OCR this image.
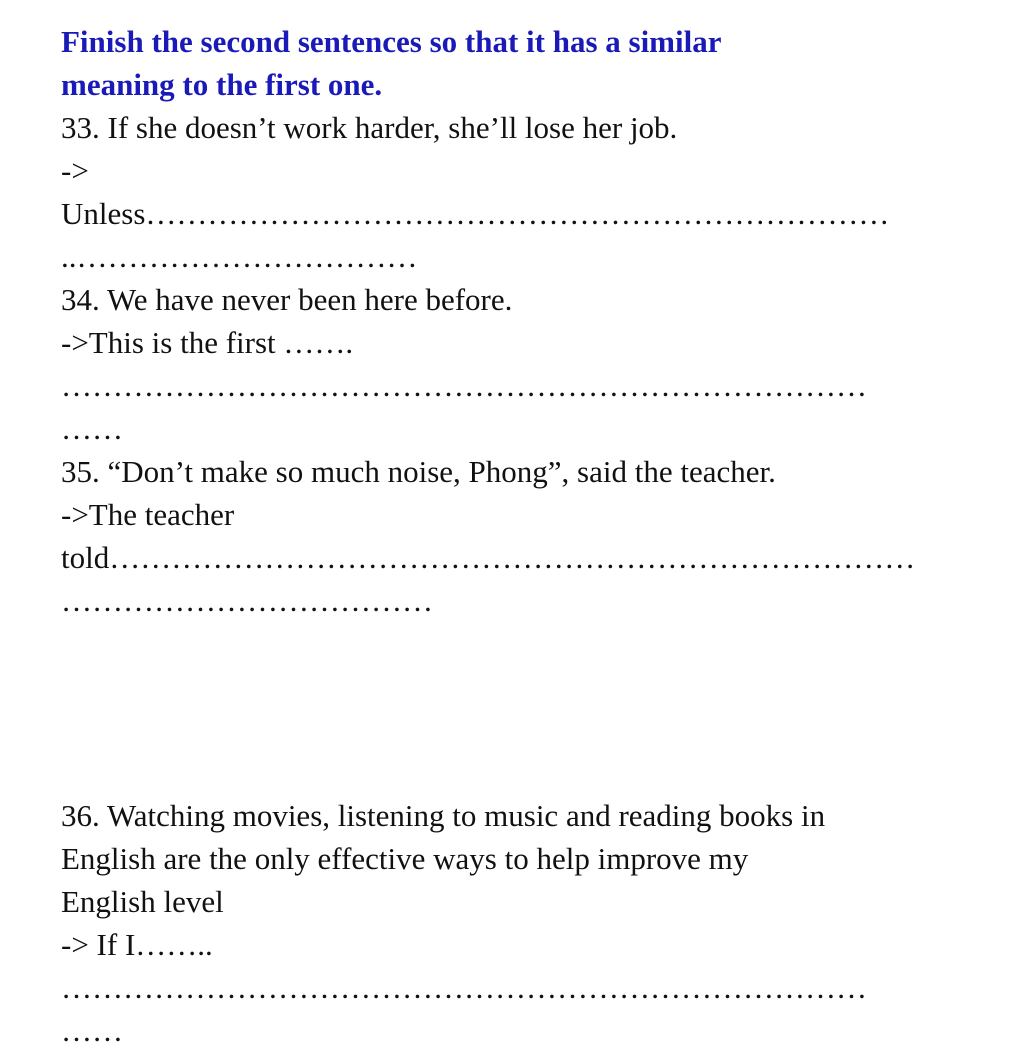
Finish the second sentences so that it has a similar
meaning to the first one.
33. If she doesn’t work harder, she’ll lose her job.
->
Unless………………………………………………………………
..……………………………
34. We have never been here before.
->This is the first …….
……………………………………………………………………
……
35. “Don’t make so much noise, Phong”, said the teacher.
->The teacher
told……………………………………………………………………
………………………………
36. Watching movies, listening to music and reading books in
English are the only effective ways to help improve my
English level
-> If I……..
……………………………………………………………………
……
